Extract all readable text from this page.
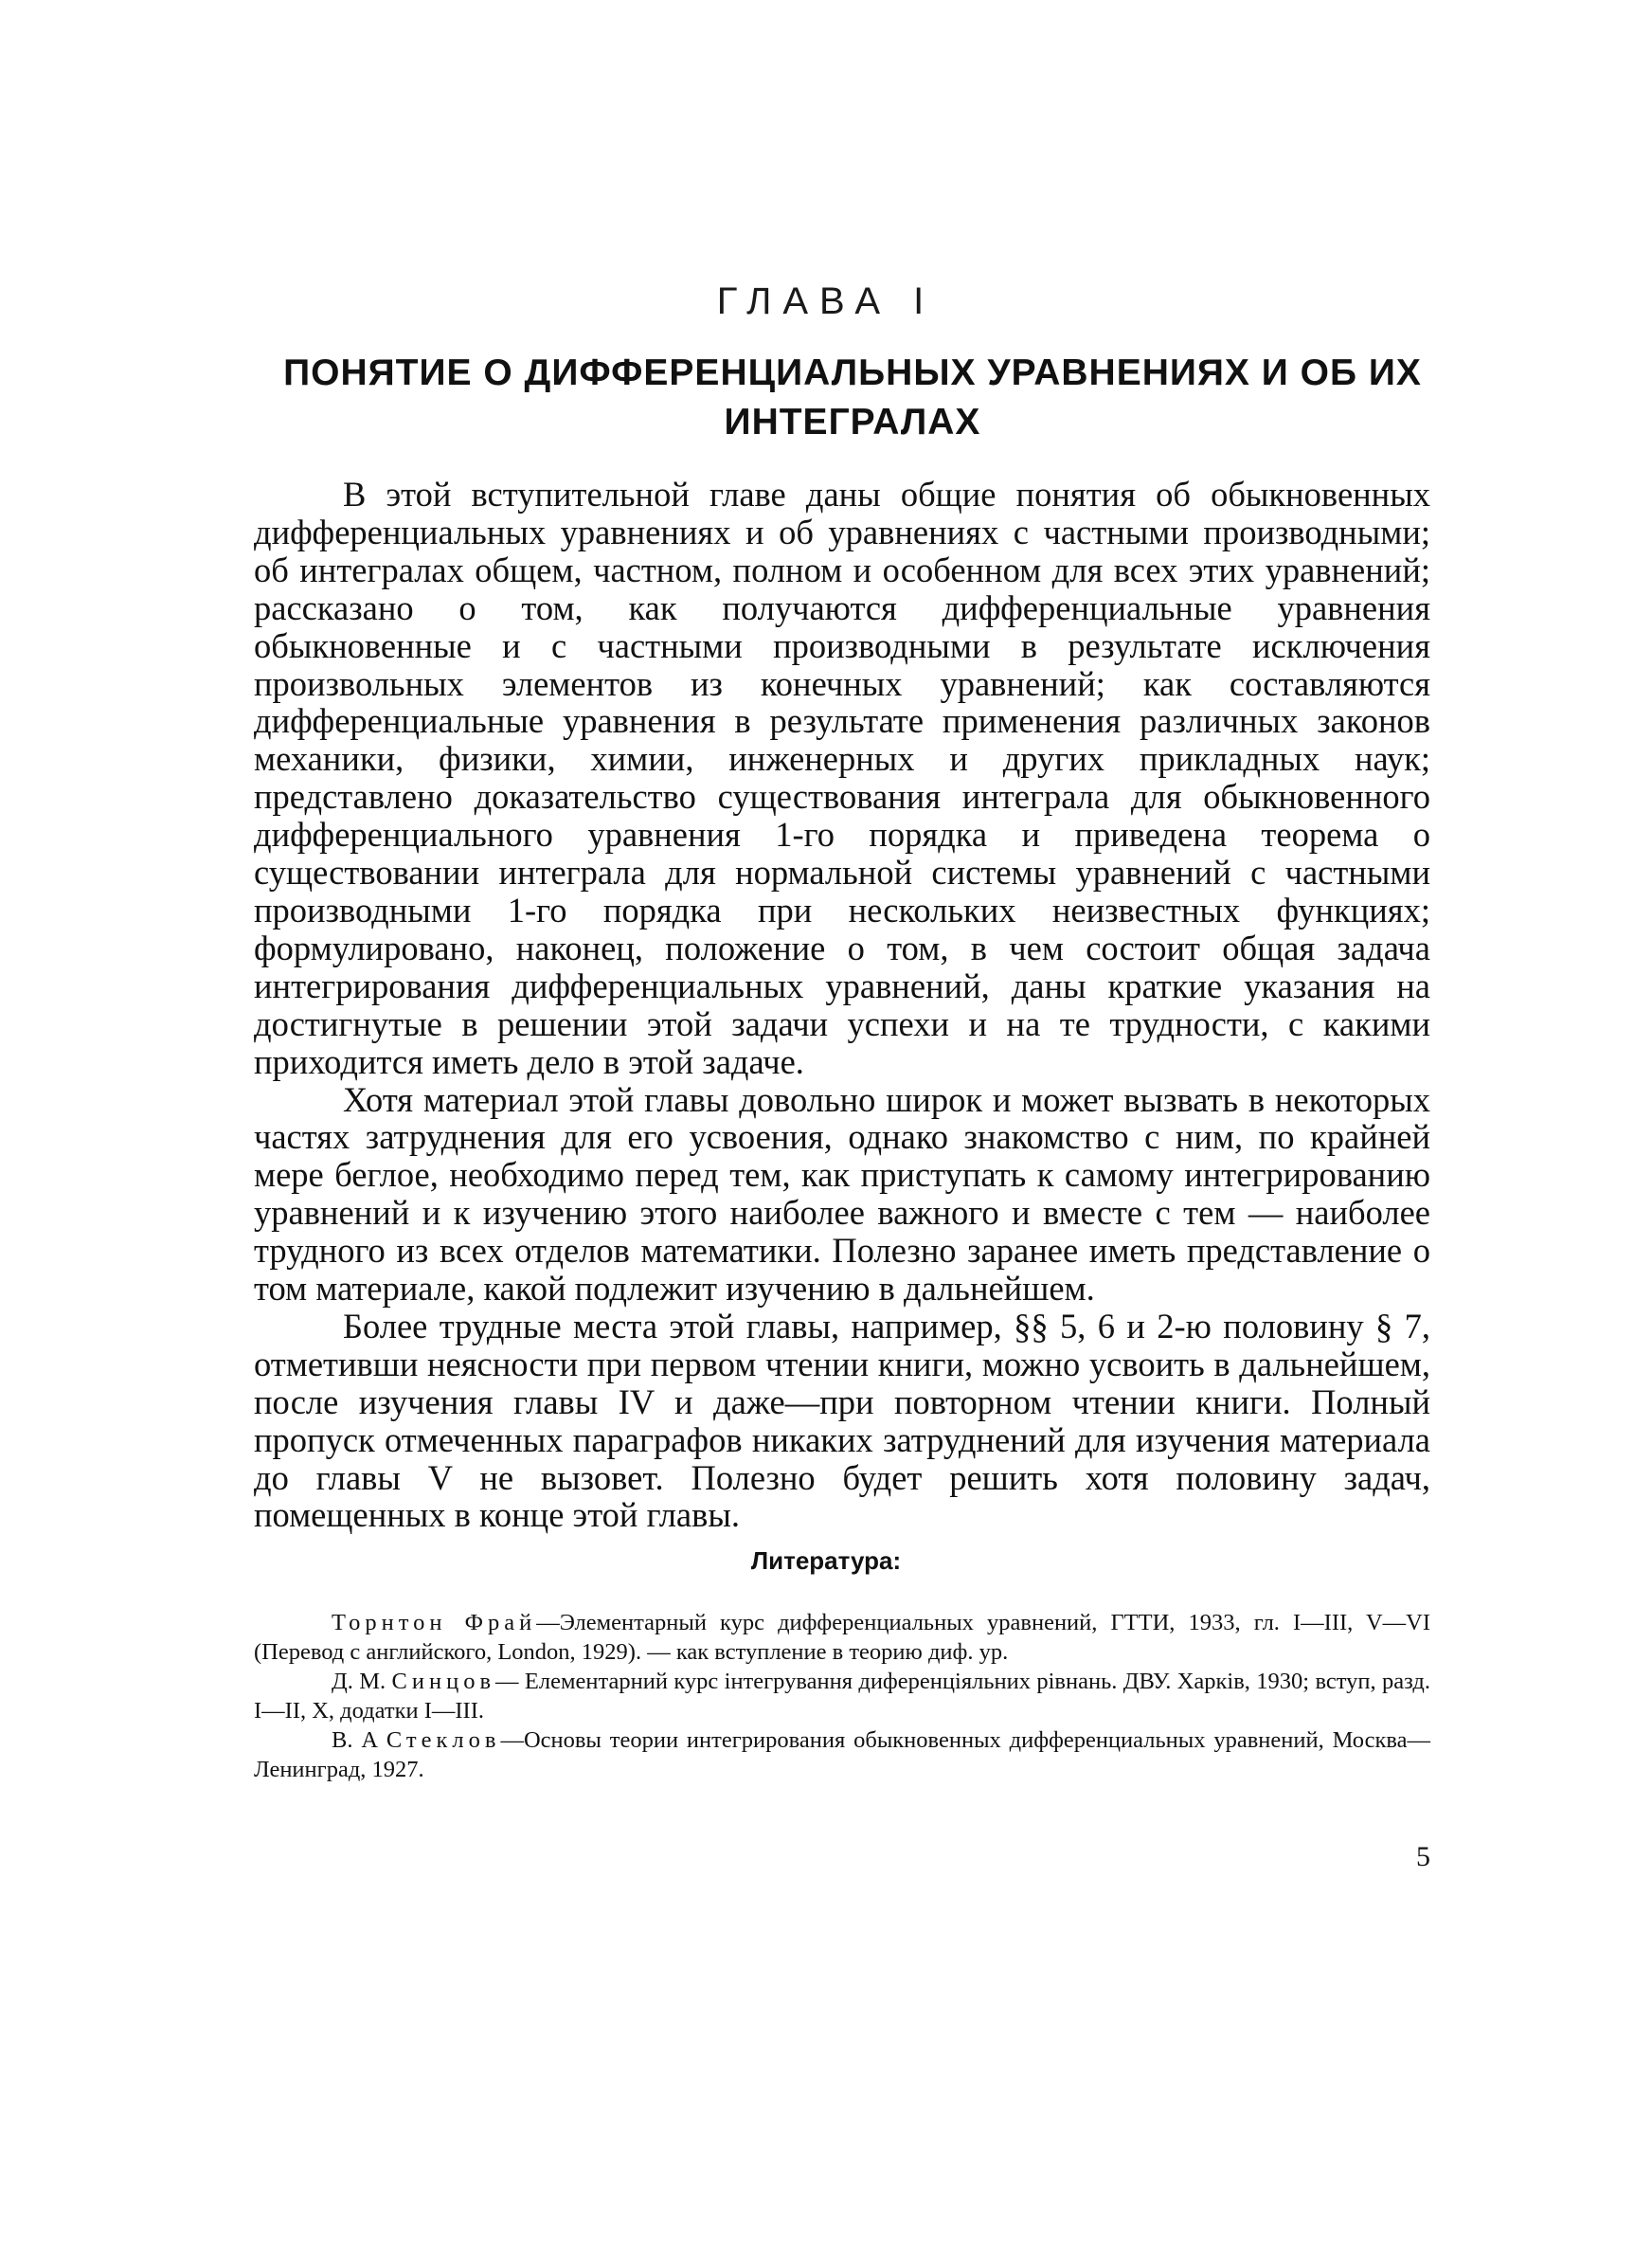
ГЛАВА I
ПОНЯТИЕ О ДИФФЕРЕНЦИАЛЬНЫХ УРАВНЕНИЯХ И ОБ ИХ ИНТЕГРАЛАХ

В этой вступительной главе даны общие понятия об обыкновенных дифференциальных уравнениях и об уравнениях с частными производными; об интегралах общем, частном, полном и особенном для всех этих уравнений; рассказано о том, как получаются дифференциальные уравнения обыкновенные и с частными производными в результате исключения произвольных элементов из конечных уравнений; как составляются дифференциальные уравнения в результате применения различных законов механики, физики, химии, инженерных и других прикладных наук; представлено доказательство существования интеграла для обыкновенного дифференциального уравнения 1-го порядка и приведена теорема о существовании интеграла для нормальной системы уравнений с частными производными 1-го порядка при нескольких неизвестных функциях; формулировано, наконец, положение о том, в чем состоит общая задача интегрирования дифференциальных уравнений, даны краткие указания на достигнутые в решении этой задачи успехи и на те трудности, с какими приходится иметь дело в этой задаче.

Хотя материал этой главы довольно широк и может вызвать в некоторых частях затруднения для его усвоения, однако знакомство с ним, по крайней мере беглое, необходимо перед тем, как приступать к самому интегрированию уравнений и к изучению этого наиболее важного и вместе с тем — наиболее трудного из всех отделов математики. Полезно заранее иметь представление о том материале, какой подлежит изучению в дальнейшем.

Более трудные места этой главы, например, §§ 5, 6 и 2-ю половину § 7, отметивши неясности при первом чтении книги, можно усвоить в дальнейшем, после изучения главы IV и даже—при повторном чтении книги. Полный пропуск отмеченных параграфов никаких затруднений для изучения материала до главы V не вызовет. Полезно будет решить хотя половину задач, помещенных в конце этой главы.

Литература:

Торнтон Фрай—Элементарный курс дифференциальных уравнений, ГТТИ, 1933, гл. I—III, V—VI (Перевод с английского, London, 1929). — как вступление в теорию диф. ур.

Д. М. Синцов— Елементарний курс інтегрування диференціяльних рівнань. ДВУ. Харків, 1930; вступ, разд. I—II, X, додатки I—III.

В. А Стеклов—Основы теории интегрирования обыкновенных дифференциальных уравнений, Москва—Ленинград, 1927.

5
